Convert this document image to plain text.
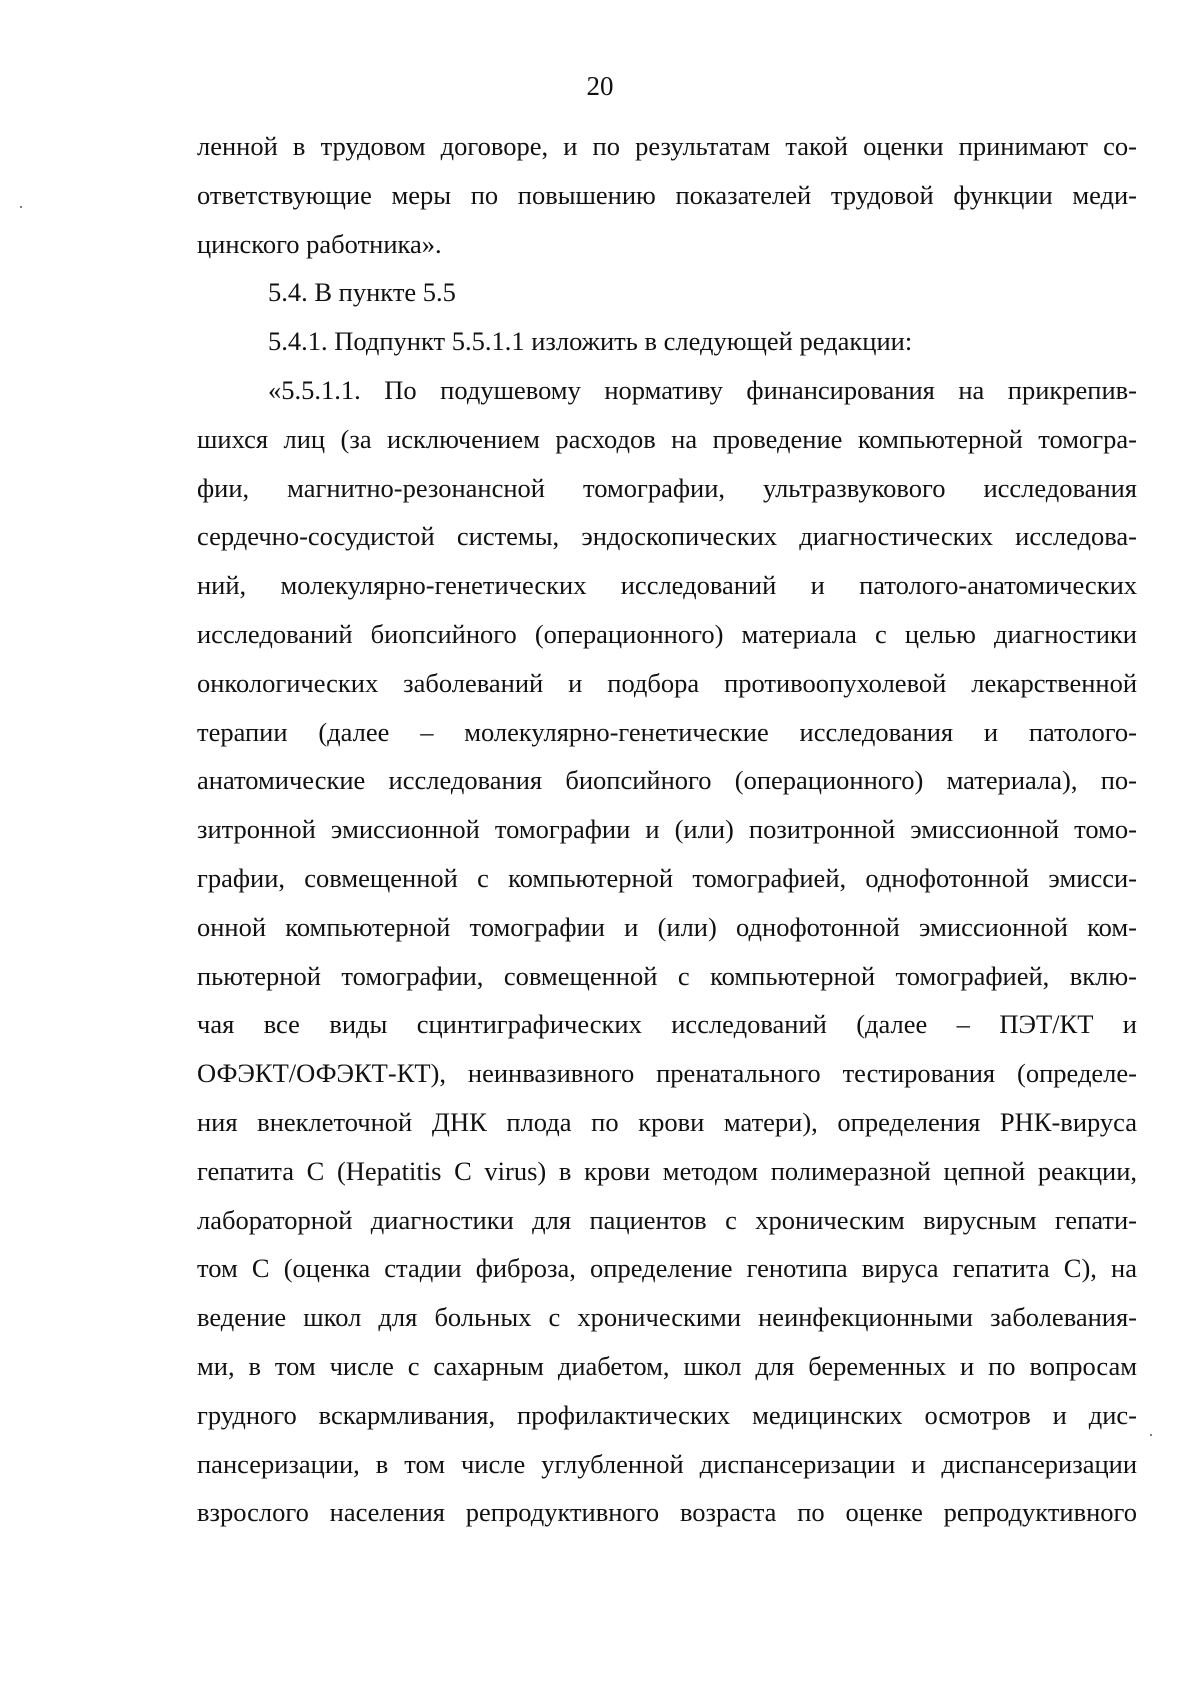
20
ленной в трудовом договоре, и по результатам такой оценки принимают со-
ответствующие меры по повышению показателей трудовой функции меди-
цинского работника».
5.4. В пункте 5.5
5.4.1. Подпункт 5.5.1.1 изложить в следующей редакции:
«5.5.1.1. По подушевому нормативу финансирования на прикрепив-
шихся лиц (за исключением расходов на проведение компьютерной томогра-
фии, магнитно-резонансной томографии, ультразвукового исследования
сердечно-сосудистой системы, эндоскопических диагностических исследова-
ний, молекулярно-генетических исследований и патолого-анатомических
исследований биопсийного (операционного) материала с целью диагностики
онкологических заболеваний и подбора противоопухолевой лекарственной
терапии (далее – молекулярно-генетические исследования и патолого-
анатомические исследования биопсийного (операционного) материала), по-
зитронной эмиссионной томографии и (или) позитронной эмиссионной томо-
графии, совмещенной с компьютерной томографией, однофотонной эмисси-
онной компьютерной томографии и (или) однофотонной эмиссионной ком-
пьютерной томографии, совмещенной с компьютерной томографией, вклю-
чая все виды сцинтиграфических исследований (далее – ПЭТ/КТ и
ОФЭКТ/ОФЭКТ-КТ), неинвазивного пренатального тестирования (определе-
ния внеклеточной ДНК плода по крови матери), определения РНК-вируса
гепатита С (Hepatitis C virus) в крови методом полимеразной цепной реакции,
лабораторной диагностики для пациентов с хроническим вирусным гепати-
том С (оценка стадии фиброза, определение генотипа вируса гепатита С), на
ведение школ для больных с хроническими неинфекционными заболевания-
ми, в том числе с сахарным диабетом, школ для беременных и по вопросам
грудного вскармливания, профилактических медицинских осмотров и дис-
пансеризации, в том числе углубленной диспансеризации и диспансеризации
взрослого населения репродуктивного возраста по оценке репродуктивного
